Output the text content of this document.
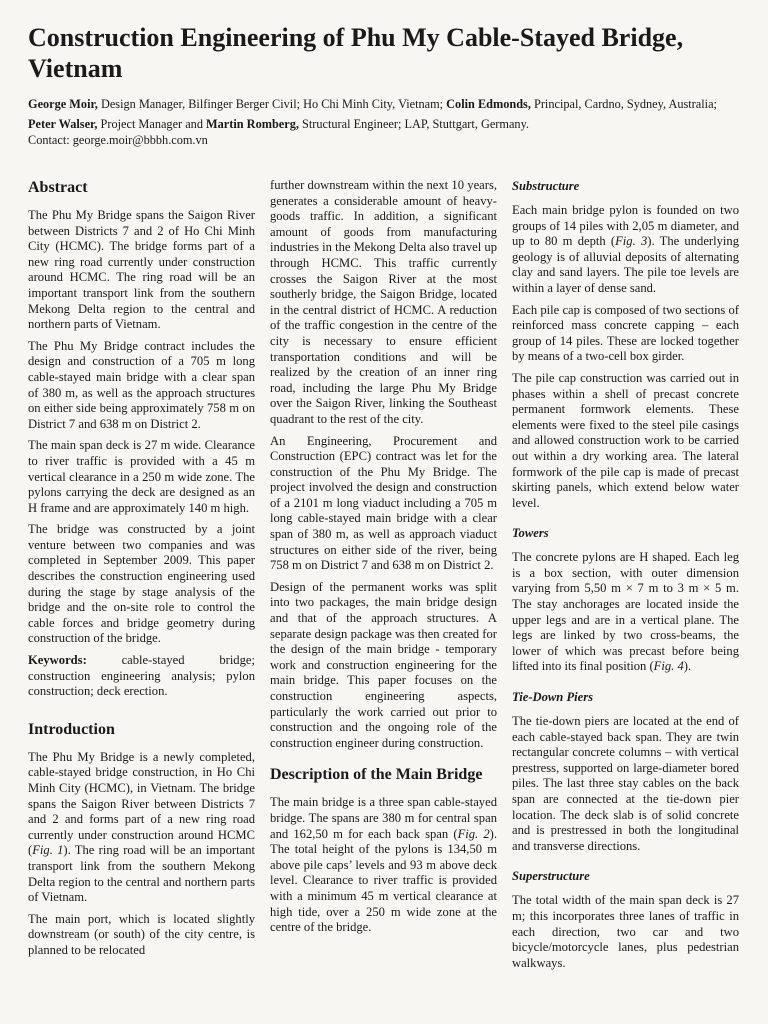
Construction Engineering of Phu My Cable-Stayed Bridge, Vietnam
George Moir, Design Manager, Bilfinger Berger Civil; Ho Chi Minh City, Vietnam; Colin Edmonds, Principal, Cardno, Sydney, Australia; Peter Walser, Project Manager and Martin Romberg, Structural Engineer; LAP, Stuttgart, Germany.
Contact: george.moir@bbbh.com.vn
Abstract

The Phu My Bridge spans the Saigon River between Districts 7 and 2 of Ho Chi Minh City (HCMC). The bridge forms part of a new ring road currently under construction around HCMC. The ring road will be an important transport link from the southern Mekong Delta region to the central and northern parts of Vietnam.

The Phu My Bridge contract includes the design and construction of a 705 m long cable-stayed main bridge with a clear span of 380 m, as well as the approach structures on either side being approximately 758 m on District 7 and 638 m on District 2.

The main span deck is 27 m wide. Clearance to river traffic is provided with a 45 m vertical clearance in a 250 m wide zone. The pylons carrying the deck are designed as an H frame and are approximately 140 m high.

The bridge was constructed by a joint venture between two companies and was completed in September 2009. This paper describes the construction engineering used during the stage by stage analysis of the bridge and the on-site role to control the cable forces and bridge geometry during construction of the bridge.

Keywords: cable-stayed bridge; construction engineering analysis; pylon construction; deck erection.

Introduction

The Phu My Bridge is a newly completed, cable-stayed bridge construction, in Ho Chi Minh City (HCMC), in Vietnam. The bridge spans the Saigon River between Districts 7 and 2 and forms part of a new ring road currently under construction around HCMC (Fig. 1). The ring road will be an important transport link from the southern Mekong Delta region to the central and northern parts of Vietnam.

The main port, which is located slightly downstream (or south) of the city centre, is planned to be relocated

further downstream within the next 10 years, generates a considerable amount of heavy-goods traffic. In addition, a significant amount of goods from manufacturing industries in the Mekong Delta also travel up through HCMC. This traffic currently crosses the Saigon River at the most southerly bridge, the Saigon Bridge, located in the central district of HCMC. A reduction of the traffic congestion in the centre of the city is necessary to ensure efficient transportation conditions and will be realized by the creation of an inner ring road, including the large Phu My Bridge over the Saigon River, linking the Southeast quadrant to the rest of the city.

An Engineering, Procurement and Construction (EPC) contract was let for the construction of the Phu My Bridge. The project involved the design and construction of a 2101 m long viaduct including a 705 m long cable-stayed main bridge with a clear span of 380 m, as well as approach viaduct structures on either side of the river, being 758 m on District 7 and 638 m on District 2.

Design of the permanent works was split into two packages, the main bridge design and that of the approach structures. A separate design package was then created for the design of the main bridge - temporary work and construction engineering for the main bridge. This paper focuses on the construction engineering aspects, particularly the work carried out prior to construction and the ongoing role of the construction engineer during construction.

Description of the Main Bridge

The main bridge is a three span cable-stayed bridge. The spans are 380 m for central span and 162,50 m for each back span (Fig. 2). The total height of the pylons is 134,50 m above pile caps’ levels and 93 m above deck level. Clearance to river traffic is provided with a minimum 45 m vertical clearance at high tide, over a 250 m wide zone at the centre of the bridge.

Substructure

Each main bridge pylon is founded on two groups of 14 piles with 2,05 m diameter, and up to 80 m depth (Fig. 3). The underlying geology is of alluvial deposits of alternating clay and sand layers. The pile toe levels are within a layer of dense sand.

Each pile cap is composed of two sections of reinforced mass concrete capping – each group of 14 piles. These are locked together by means of a two-cell box girder.

The pile cap construction was carried out in phases within a shell of precast concrete permanent formwork elements. These elements were fixed to the steel pile casings and allowed construction work to be carried out within a dry working area. The lateral formwork of the pile cap is made of precast skirting panels, which extend below water level.

Towers

The concrete pylons are H shaped. Each leg is a box section, with outer dimension varying from 5,50 m × 7 m to 3 m × 5 m. The stay anchorages are located inside the upper legs and are in a vertical plane. The legs are linked by two cross-beams, the lower of which was precast before being lifted into its final position (Fig. 4).

Tie-Down Piers

The tie-down piers are located at the end of each cable-stayed back span. They are twin rectangular concrete columns – with vertical prestress, supported on large-diameter bored piles. The last three stay cables on the back span are connected at the tie-down pier location. The deck slab is of solid concrete and is prestressed in both the longitudinal and transverse directions.

Superstructure

The total width of the main span deck is 27 m; this incorporates three lanes of traffic in each direction, two car and two bicycle/motorcycle lanes, plus pedestrian walkways.
